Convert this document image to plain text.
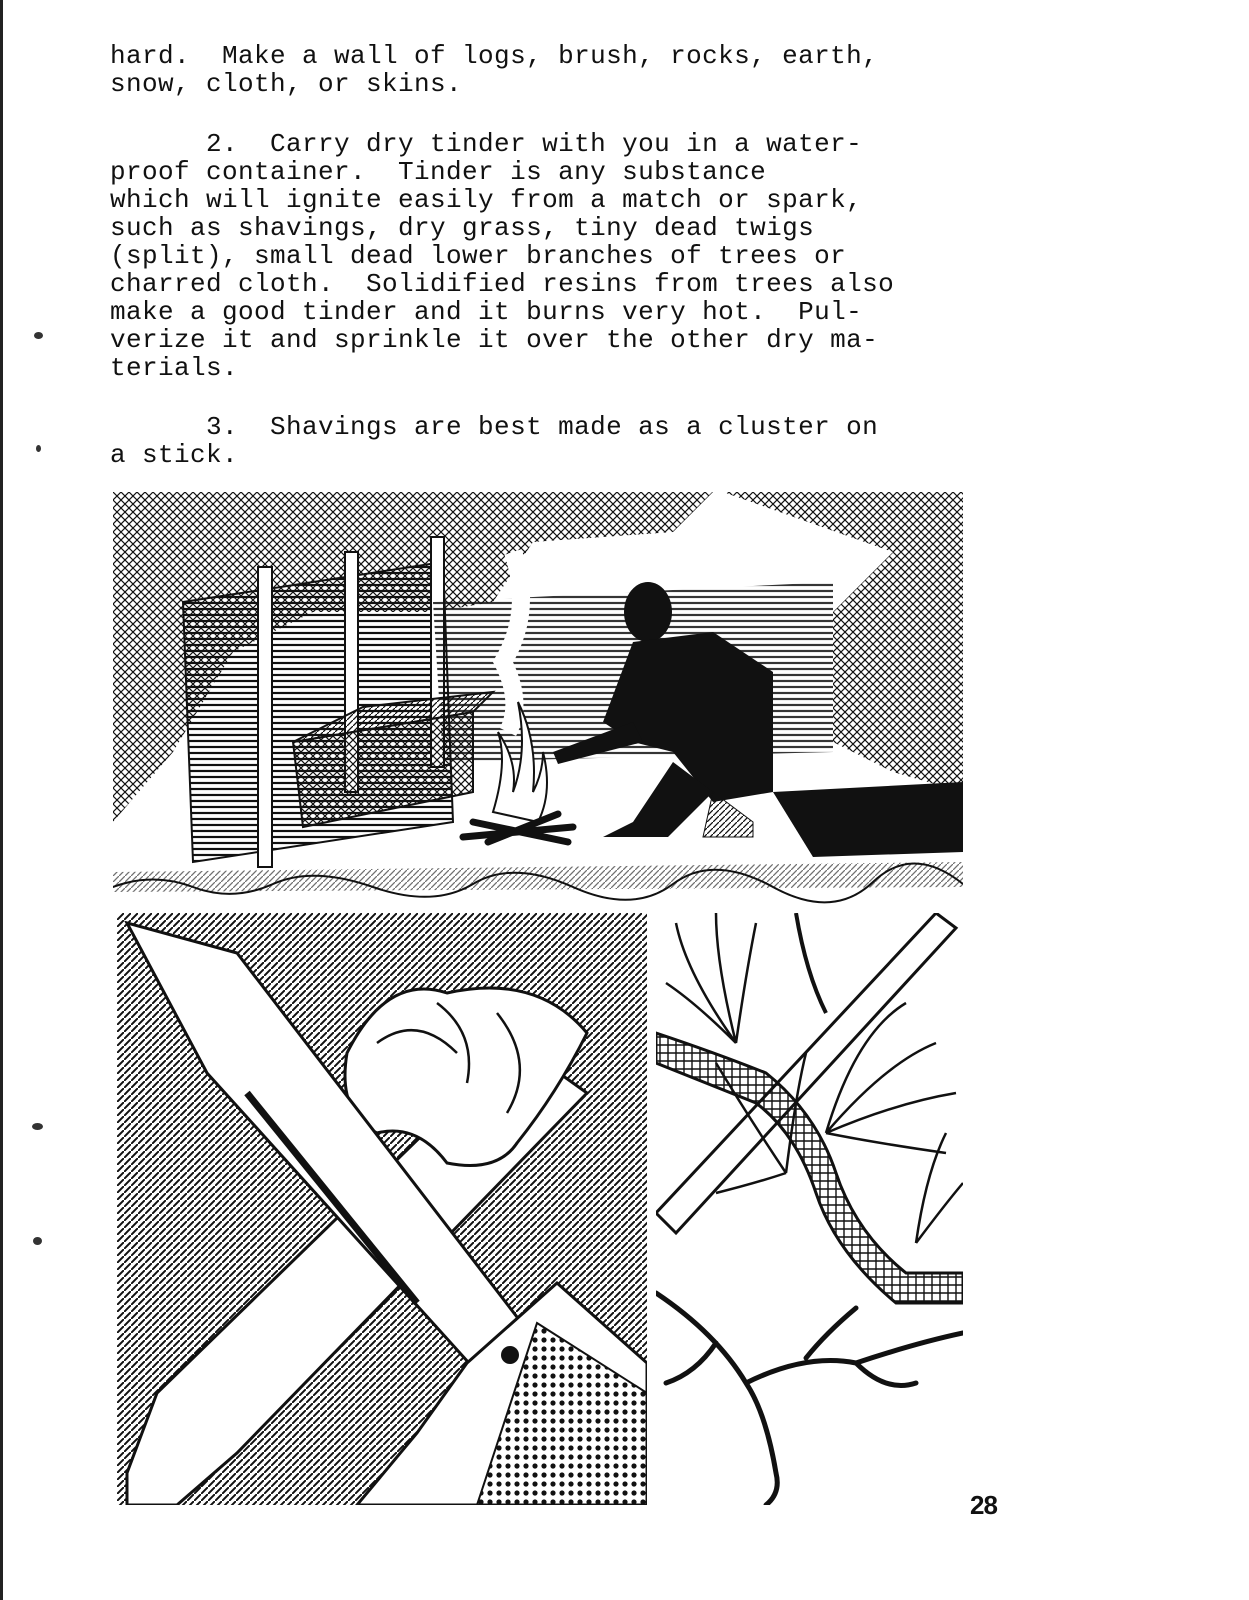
hard.  Make a wall of logs, brush, rocks, earth,
snow, cloth, or skins.

2.  Carry dry tinder with you in a water-
proof container.  Tinder is any substance
which will ignite easily from a match or spark,
such as shavings, dry grass, tiny dead twigs
(split), small dead lower branches of trees or
charred cloth.  Solidified resins from trees also
make a good tinder and it burns very hot.  Pul-
verize it and sprinkle it over the other dry ma-
terials.

3.  Shavings are best made as a cluster on
a stick.

28
